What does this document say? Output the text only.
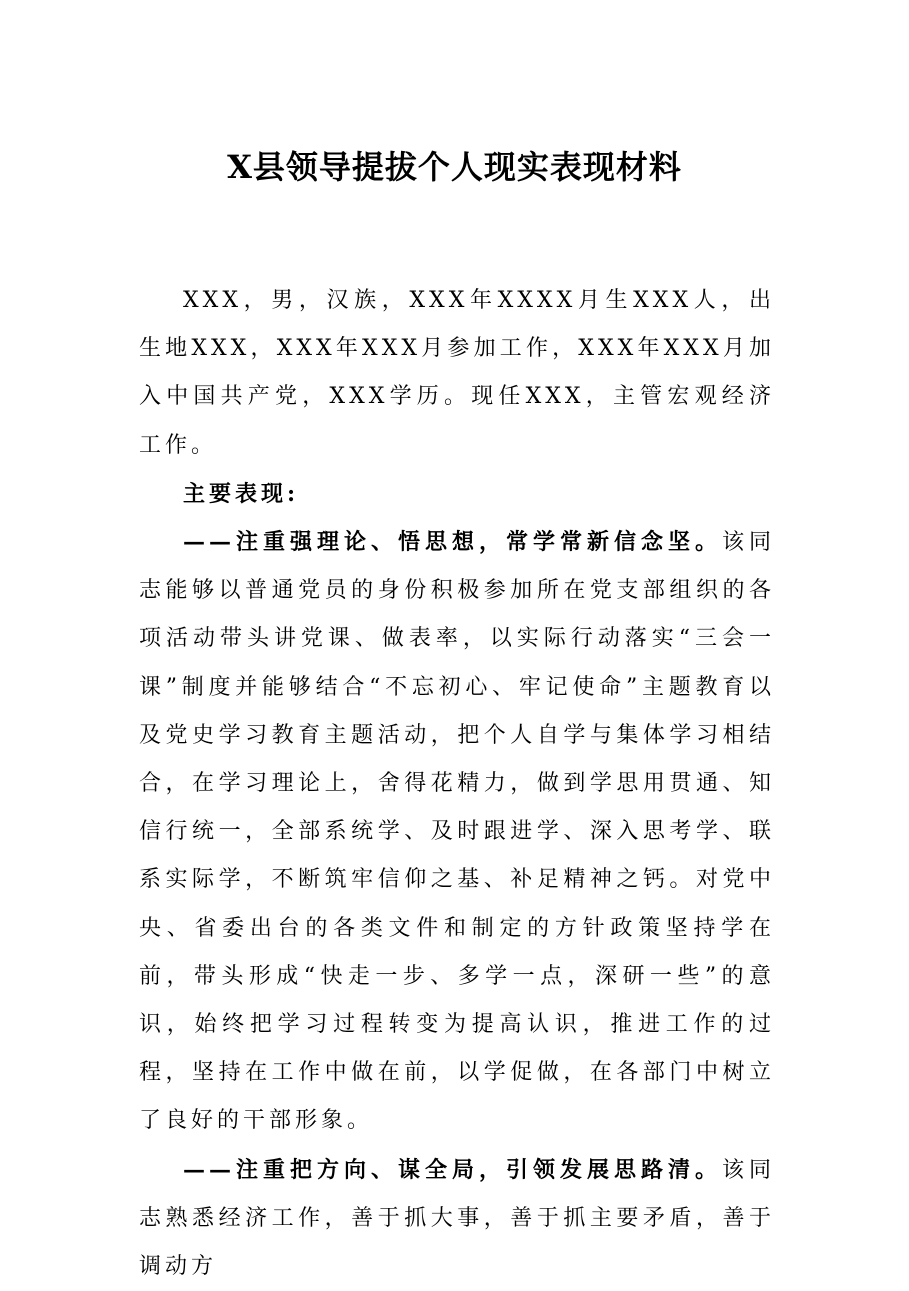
X县领导提拔个人现实表现材料

XXX，男，汉族，XXX年XXXX月生XXX人，出生地XXX，XXX年XXX月参加工作，XXX年XXX月加入中国共产党，XXX学历。现任XXX，主管宏观经济工作。

主要表现:

——注重强理论、悟思想，常学常新信念坚。该同志能够以普通党员的身份积极参加所在党支部组织的各项活动带头讲党课、做表率，以实际行动落实“三会一课”制度并能够结合“不忘初心、牢记使命”主题教育以及党史学习教育主题活动，把个人自学与集体学习相结合，在学习理论上，舍得花精力，做到学思用贯通、知信行统一，全部系统学、及时跟进学、深入思考学、联系实际学，不断筑牢信仰之基、补足精神之钙。对党中央、省委出台的各类文件和制定的方针政策坚持学在前，带头形成“快走一步、多学一点，深研一些”的意识，始终把学习过程转变为提高认识，推进工作的过程，坚持在工作中做在前，以学促做，在各部门中树立了良好的干部形象。

——注重把方向、谋全局，引领发展思路清。该同志熟悉经济工作，善于抓大事，善于抓主要矛盾，善于调动方
